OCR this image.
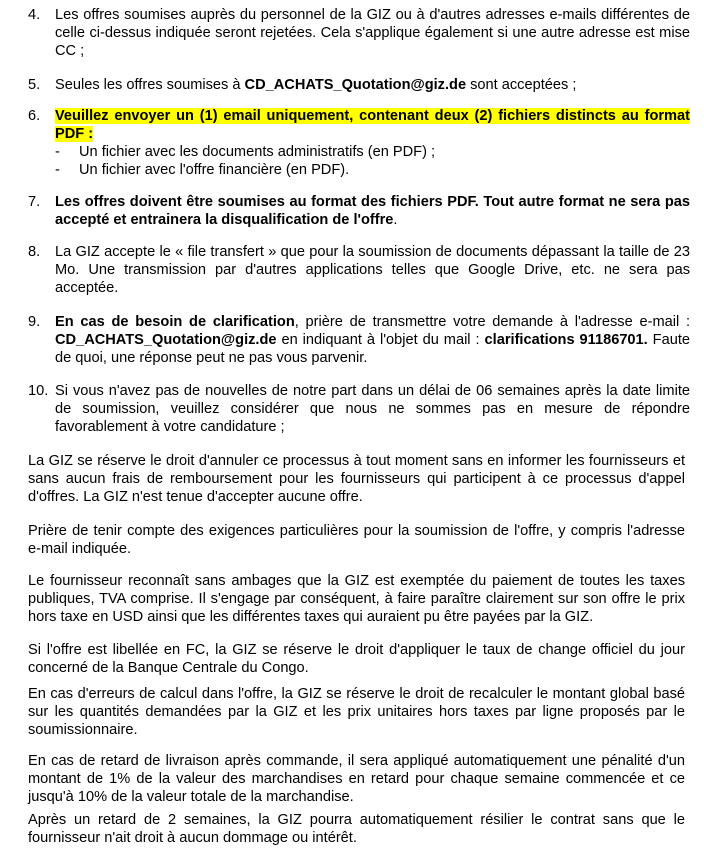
4. Les offres soumises auprès du personnel de la GIZ ou à d'autres adresses e-mails différentes de celle ci-dessus indiquée seront rejetées. Cela s'applique également si une autre adresse est mise CC ;
5. Seules les offres soumises à CD_ACHATS_Quotation@giz.de sont acceptées ;
6. Veuillez envoyer un (1) email uniquement, contenant deux (2) fichiers distincts au format PDF :
- Un fichier avec les documents administratifs (en PDF) ;
- Un fichier avec l'offre financière (en PDF).
7. Les offres doivent être soumises au format des fichiers PDF. Tout autre format ne sera pas accepté et entrainera la disqualification de l'offre.
8. La GIZ accepte le « file transfert » que pour la soumission de documents dépassant la taille de 23 Mo. Une transmission par d'autres applications telles que Google Drive, etc. ne sera pas acceptée.
9. En cas de besoin de clarification, prière de transmettre votre demande à l'adresse e-mail : CD_ACHATS_Quotation@giz.de en indiquant à l'objet du mail : clarifications 91186701. Faute de quoi, une réponse peut ne pas vous parvenir.
10. Si vous n'avez pas de nouvelles de notre part dans un délai de 06 semaines après la date limite de soumission, veuillez considérer que nous ne sommes pas en mesure de répondre favorablement à votre candidature ;
La GIZ se réserve le droit d'annuler ce processus à tout moment sans en informer les fournisseurs et sans aucun frais de remboursement pour les fournisseurs qui participent à ce processus d'appel d'offres. La GIZ n'est tenue d'accepter aucune offre.
Prière de tenir compte des exigences particulières pour la soumission de l'offre, y compris l'adresse e-mail indiquée.
Le fournisseur reconnaît sans ambages que la GIZ est exemptée du paiement de toutes les taxes publiques, TVA comprise. Il s'engage par conséquent, à faire paraître clairement sur son offre le prix hors taxe en USD ainsi que les différentes taxes qui auraient pu être payées par la GIZ.
Si l'offre est libellée en FC, la GIZ se réserve le droit d'appliquer le taux de change officiel du jour concerné de la Banque Centrale du Congo.
En cas d'erreurs de calcul dans l'offre, la GIZ se réserve le droit de recalculer le montant global basé sur les quantités demandées par la GIZ et les prix unitaires hors taxes par ligne proposés par le soumissionnaire.
En cas de retard de livraison après commande, il sera appliqué automatiquement une pénalité d'un montant de 1% de la valeur des marchandises en retard pour chaque semaine commencée et ce jusqu'à 10% de la valeur totale de la marchandise.
Après un retard de 2 semaines, la GIZ pourra automatiquement résilier le contrat sans que le fournisseur n'ait droit à aucun dommage ou intérêt.
